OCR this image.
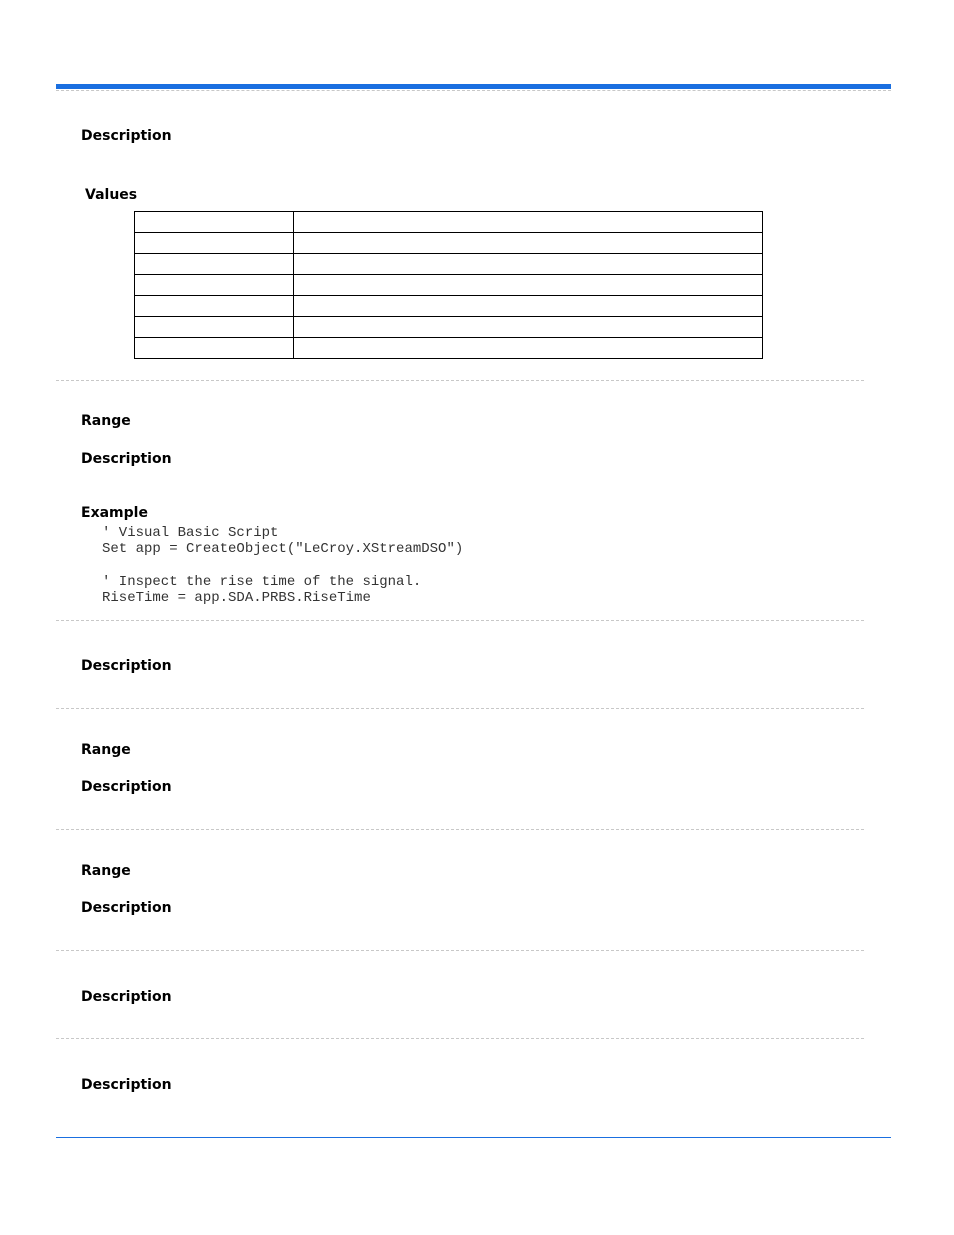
Description
Values

Range
Description
Example
' Visual Basic Script
Set app = CreateObject("LeCroy.XStreamDSO")

' Inspect the rise time of the signal.
RiseTime = app.SDA.PRBS.RiseTime
Description
Range
Description
Range
Description
Description
Description
